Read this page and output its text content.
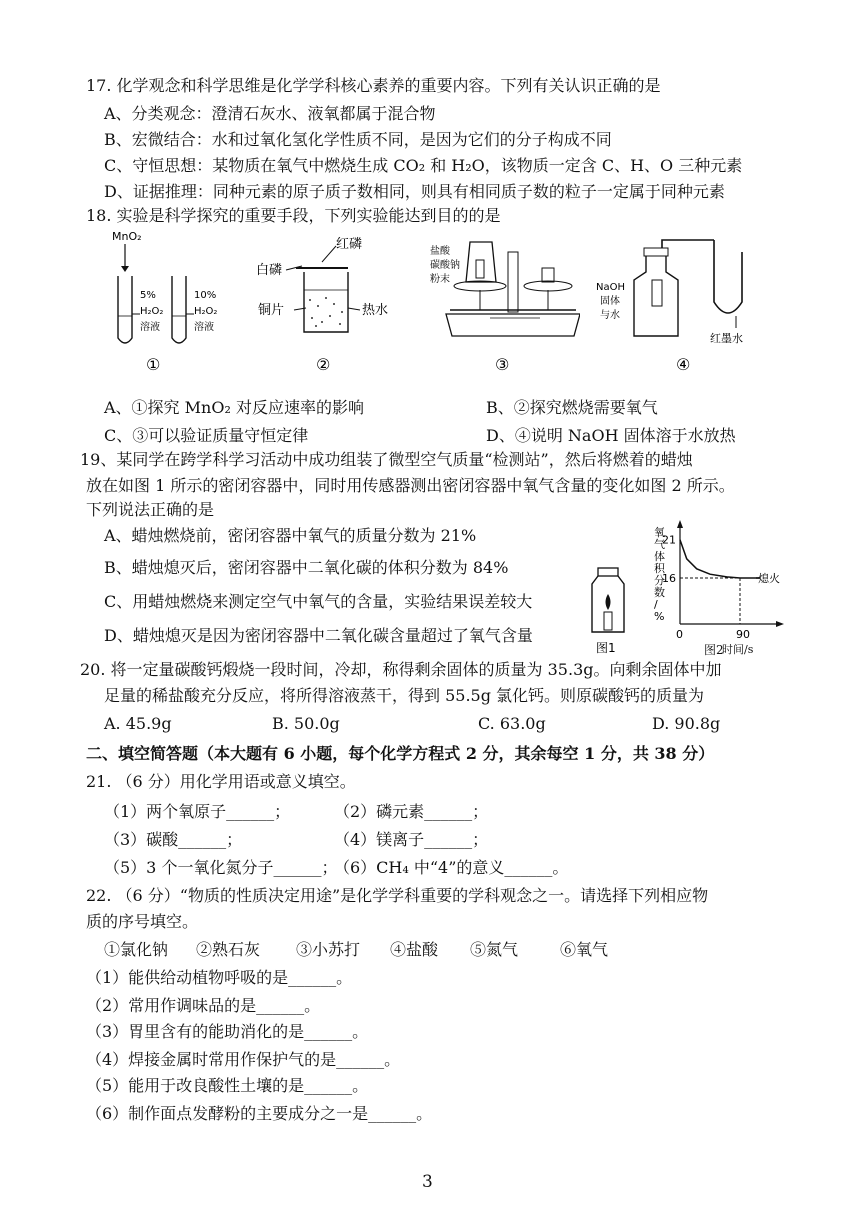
17. 化学观念和科学思维是化学学科核心素养的重要内容。下列有关认识正确的是
A、分类观念：澄清石灰水、液氧都属于混合物
B、宏微结合：水和过氧化氢化学性质不同，是因为它们的分子构成不同
C、守恒思想：某物质在氧气中燃烧生成 CO₂ 和 H₂O，该物质一定含 C、H、O 三种元素
D、证据推理：同种元素的原子质子数相同，则具有相同质子数的粒子一定属于同种元素
18. 实验是科学探究的重要手段，下列实验能达到目的的是
MnO₂
5%
H₂O₂
溶液
10%
H₂O₂
溶液
①
红磷
白磷
铜片	热水
②
盐酸
碳酸钠
粉末
③
NaOH
固体
与水
红墨水
④
A、①探究 MnO₂ 对反应速率的影响	B、②探究燃烧需要氧气
C、③可以验证质量守恒定律	D、④说明 NaOH 固体溶于水放热
19、某同学在跨学科学习活动中成功组装了微型空气质量“检测站”，然后将燃着的蜡烛
放在如图 1 所示的密闭容器中，同时用传感器测出密闭容器中氧气含量的变化如图 2 所示。
下列说法正确的是
A、蜡烛燃烧前，密闭容器中氧气的质量分数为 21%
B、蜡烛熄灭后，密闭容器中二氧化碳的体积分数为 84%
C、用蜡烛燃烧来测定空气中氧气的含量，实验结果误差较大
D、蜡烛熄灭是因为密闭容器中二氧化碳含量超过了氧气含量
图1
氧气体积分数/ %
16
21
0	90
熄火
时间/s
图2
20. 将一定量碳酸钙煅烧一段时间，冷却，称得剩余固体的质量为 35.3g。向剩余固体中加
足量的稀盐酸充分反应，将所得溶液蒸干，得到 55.5g 氯化钙。则原碳酸钙的质量为
A. 45.9g	B. 50.0g	C. 63.0g	D. 90.8g
二、填空简答题（本大题有 6 小题，每个化学方程式 2 分，其余每空 1 分，共 38 分）
21. （6 分）用化学用语或意义填空。
（1）两个氧原子______；	（2）磷元素______；
（3）碳酸______；	（4）镁离子______；
（5）3 个一氧化氮分子______；
（6）CH₄ 中“4”的意义______。
22. （6 分）“物质的性质决定用途”是化学学科重要的学科观念之一。请选择下列相应物
质的序号填空。
①氯化钠 ②熟石灰 ③小苏打 ④盐酸 ⑤氮气	⑥氧气
（1）能供给动植物呼吸的是______。
（2）常用作调味品的是______。
（3）胃里含有的能助消化的是______。
（4）焊接金属时常用作保护气的是______。
（5）能用于改良酸性土壤的是______。
（6）制作面点发酵粉的主要成分之一是______。
3
